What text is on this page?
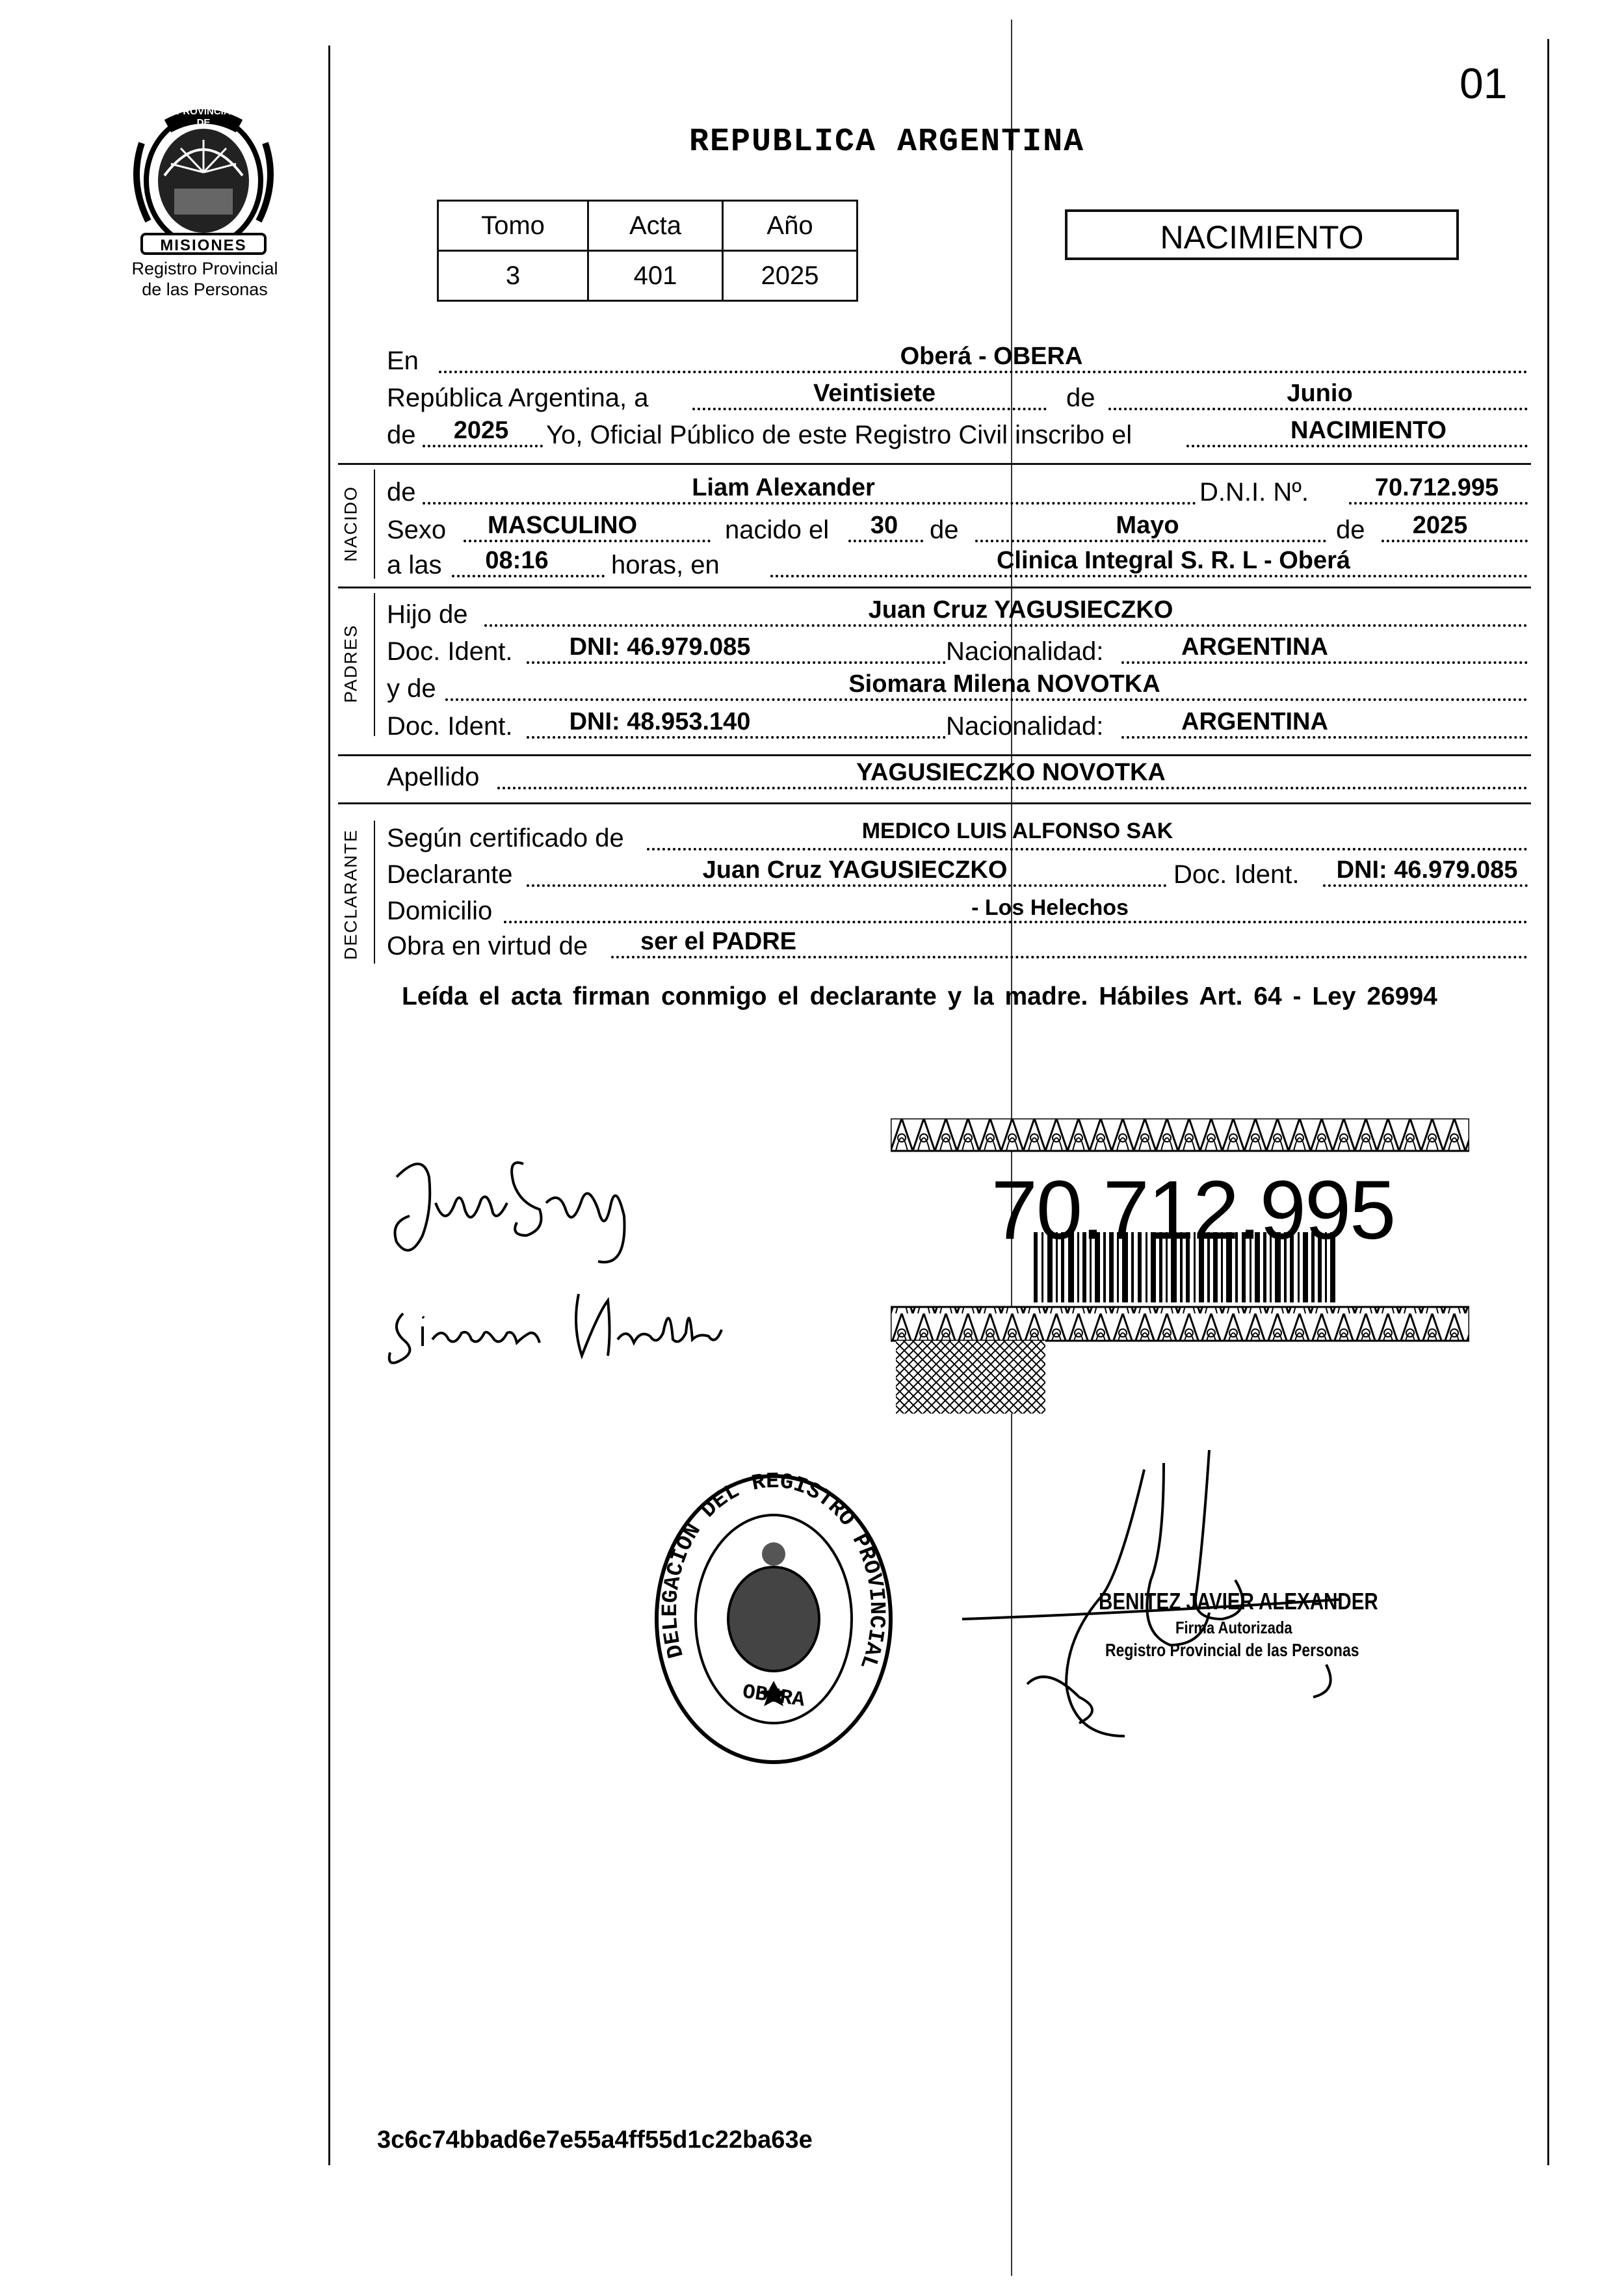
01
PROVINCIA DE
MISIONES
Registro Provincial
de las Personas
REPUBLICA ARGENTINA
Tomo	Acta	Año
3	401	2025
NACIMIENTO
En	Oberá - OBERA
República Argentina, a	Veintisiete	de	Junio
de	2025	Yo, Oficial Público de este Registro Civil inscribo el	NACIMIENTO
NACIDO de	Liam Alexander	D.N.I. Nº.	70.712.995
Sexo	MASCULINO	nacido el	30	de	Mayo	de	2025
a las	08:16	horas, en	Clinica Integral S. R. L - Oberá
PADRES
Hijo de	Juan Cruz YAGUSIECZKO
Doc. Ident.	DNI: 46.979.085	Nacionalidad:	ARGENTINA
y de	Siomara Milena NOVOTKA
Doc. Ident.	DNI: 48.953.140	Nacionalidad:	ARGENTINA
Apellido	YAGUSIECZKO NOVOTKA
DECLARANTE Según certificado de	MEDICO LUIS ALFONSO SAK
Declarante	Juan Cruz YAGUSIECZKO	Doc. Ident.	DNI: 46.979.085
Domicilio	- Los Helechos
Obra en virtud de	ser el PADRE
Leída el acta firman conmigo el declarante y la madre. Hábiles Art. 64 - Ley 26994
70.712.995
DELEGACION DEL REGISTRO PROVINCIAL
OBERA
BENITEZ JAVIER ALEXANDER
Firma Autorizada
Registro Provincial de las Personas
3c6c74bbad6e7e55a4ff55d1c22ba63e
